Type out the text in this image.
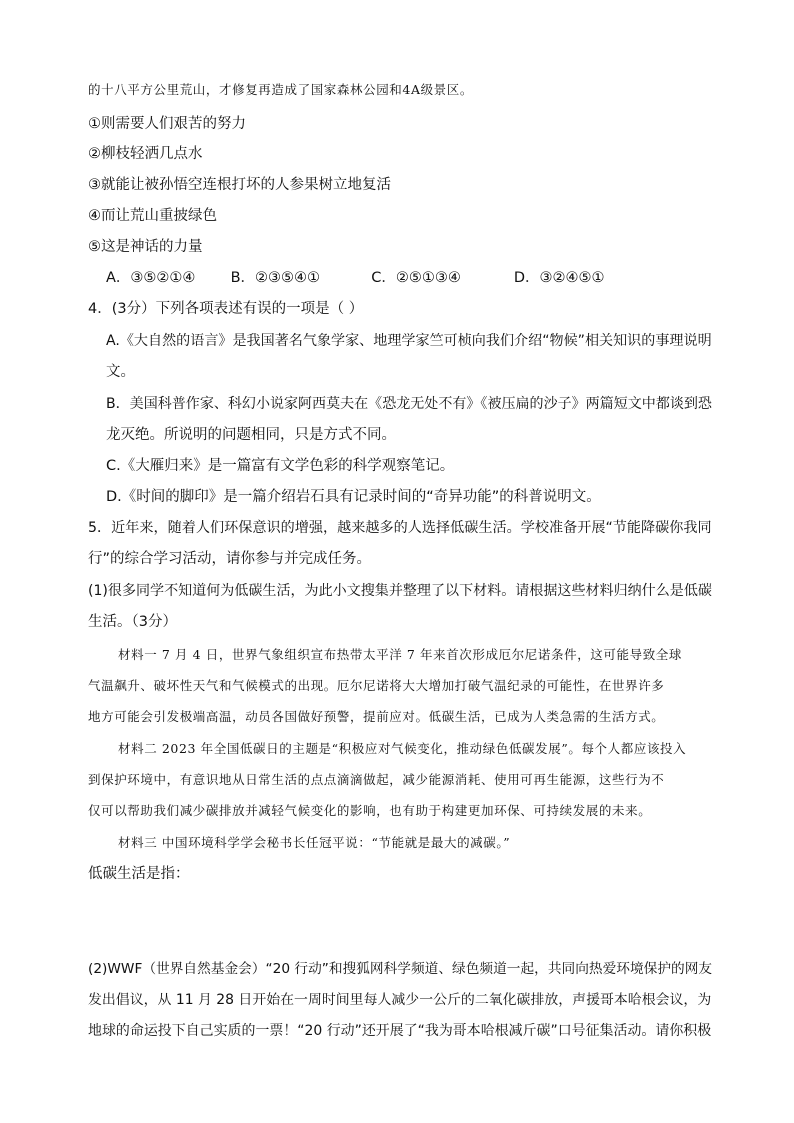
的十八平方公里荒山，才修复再造成了国家森林公园和4A级景区。
①则需要人们艰苦的努力
②柳枝轻洒几点水
③就能让被孙悟空连根打坏的人参果树立地复活
④而让荒山重披绿色
⑤这是神话的力量
A．③⑤②①④ B．②③⑤④①	C．②⑤①③④	D．③②④⑤①
4．(3分）下列各项表述有误的一项是（ ）
A.《大自然的语言》是我国著名气象学家、地理学家竺可桢向我们介绍“物候”相关知识的事理说明
文。
B．美国科普作家、科幻小说家阿西莫夫在《恐龙无处不有》《被压扁的沙子》两篇短文中都谈到恐
龙灭绝。所说明的问题相同，只是方式不同。
C.《大雁归来》是一篇富有文学色彩的科学观察笔记。
D.《时间的脚印》是一篇介绍岩石具有记录时间的“奇异功能”的科普说明文。
5．近年来，随着人们环保意识的增强，越来越多的人选择低碳生活。学校准备开展“节能降碳你我同
行”的综合学习活动，请你参与并完成任务。
(1)很多同学不知道何为低碳生活，为此小文搜集并整理了以下材料。请根据这些材料归纳什么是低碳
生活。（3分）
材料一 7 月 4 日，世界气象组织宣布热带太平洋 7 年来首次形成厄尔尼诺条件，这可能导致全球
气温飙升、破坏性天气和气候模式的出现。厄尔尼诺将大大增加打破气温纪录的可能性，在世界许多
地方可能会引发极端高温，动员各国做好预警，提前应对。低碳生活，已成为人类急需的生活方式。
材料二 2023 年全国低碳日的主题是“积极应对气候变化，推动绿色低碳发展”。每个人都应该投入
到保护环境中，有意识地从日常生活的点点滴滴做起，减少能源消耗、使用可再生能源，这些行为不
仅可以帮助我们减少碳排放并减轻气候变化的影响，也有助于构建更加环保、可持续发展的未来。
材料三 中国环境科学学会秘书长任冠平说：“节能就是最大的减碳。”
低碳生活是指：
(2)WWF（世界自然基金会）“20 行动”和搜狐网科学频道、绿色频道一起，共同向热爱环境保护的网友
发出倡议，从 11 月 28 日开始在一周时间里每人减少一公斤的二氧化碳排放，声援哥本哈根会议，为
地球的命运投下自己实质的一票！“20 行动”还开展了“我为哥本哈根减斤碳”口号征集活动。请你积极
